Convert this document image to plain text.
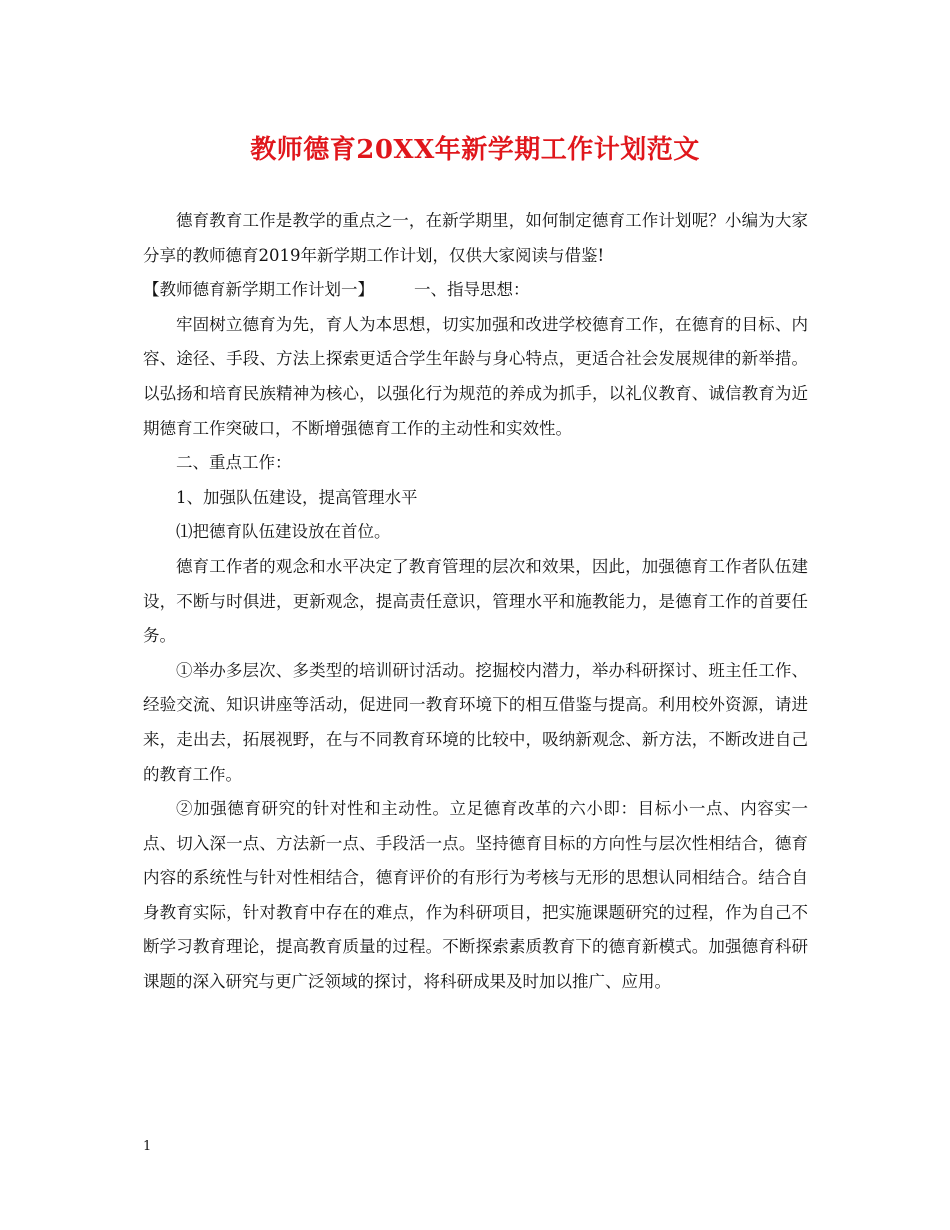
教师德育20XX年新学期工作计划范文

德育教育工作是教学的重点之一，在新学期里，如何制定德育工作计划呢？小编为大家分享的教师德育2019年新学期工作计划，仅供大家阅读与借鉴!

【教师德育新学期工作计划一】 一、指导思想：

牢固树立德育为先，育人为本思想，切实加强和改进学校德育工作，在德育的目标、内容、途径、手段、方法上探索更适合学生年龄与身心特点，更适合社会发展规律的新举措。以弘扬和培育民族精神为核心，以强化行为规范的养成为抓手，以礼仪教育、诚信教育为近期德育工作突破口，不断增强德育工作的主动性和实效性。

二、重点工作：

1、加强队伍建设，提高管理水平

⑴把德育队伍建设放在首位。

德育工作者的观念和水平决定了教育管理的层次和效果，因此，加强德育工作者队伍建设，不断与时俱进，更新观念，提高责任意识，管理水平和施教能力，是德育工作的首要任务。

①举办多层次、多类型的培训研讨活动。挖掘校内潜力，举办科研探讨、班主任工作、经验交流、知识讲座等活动，促进同一教育环境下的相互借鉴与提高。利用校外资源，请进来，走出去，拓展视野，在与不同教育环境的比较中，吸纳新观念、新方法，不断改进自己的教育工作。

②加强德育研究的针对性和主动性。立足德育改革的六小即：目标小一点、内容实一点、切入深一点、方法新一点、手段活一点。坚持德育目标的方向性与层次性相结合，德育内容的系统性与针对性相结合，德育评价的有形行为考核与无形的思想认同相结合。结合自身教育实际，针对教育中存在的难点，作为科研项目，把实施课题研究的过程，作为自己不断学习教育理论，提高教育质量的过程。不断探索素质教育下的德育新模式。加强德育科研课题的深入研究与更广泛领域的探讨，将科研成果及时加以推广、应用。

1
